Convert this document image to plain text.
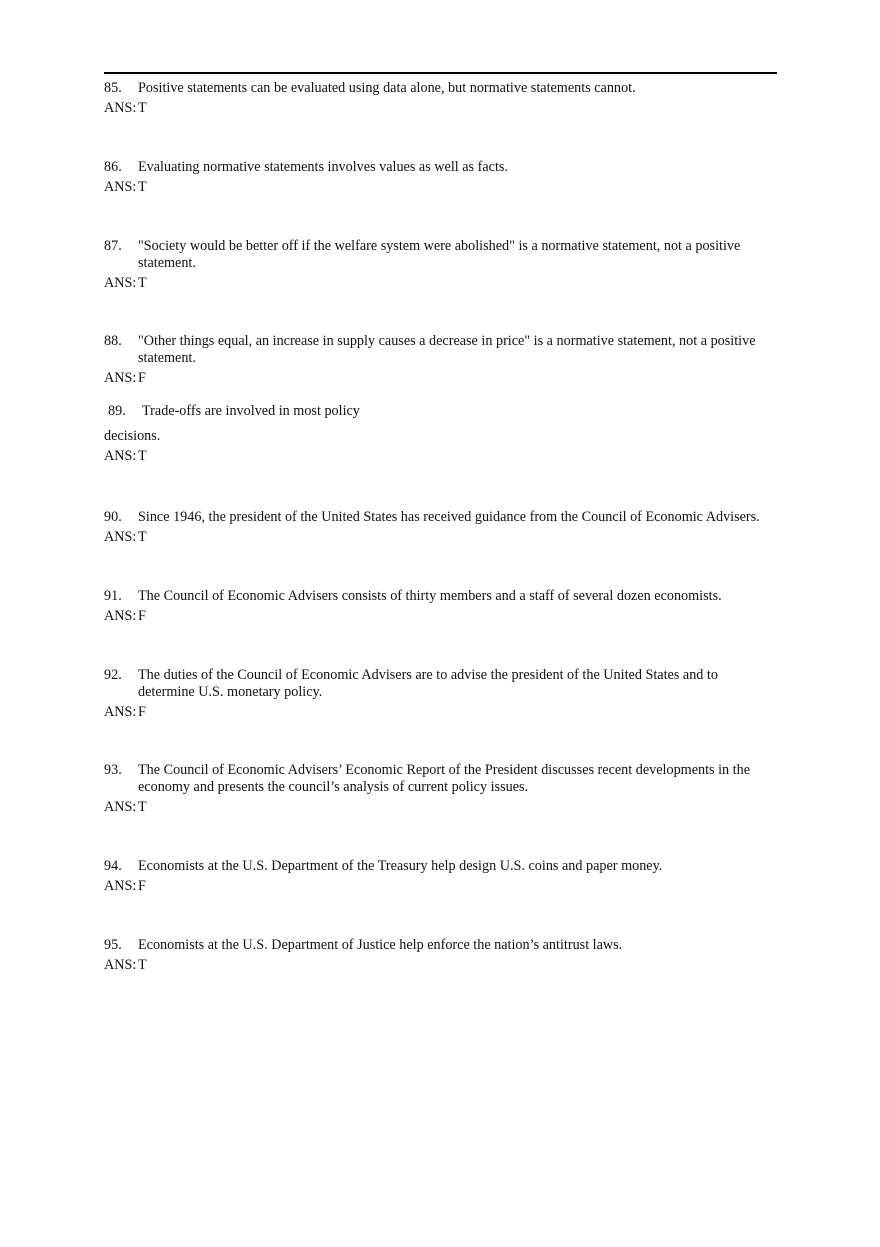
85.	Positive statements can be evaluated using data alone, but normative statements cannot.
ANS: T
86.	Evaluating normative statements involves values as well as facts.
ANS: T
87.	"Society would be better off if the welfare system were abolished" is a normative statement, not a positive statement.
ANS: T
88.	"Other things equal, an increase in supply causes a decrease in price" is a normative statement, not a positive statement.
ANS: F
89. Trade-offs are involved in most policy
decisions.
ANS: T
90.	Since 1946, the president of the United States has received guidance from the Council of Economic Advisers.
ANS: T
91.	The Council of Economic Advisers consists of thirty members and a staff of several dozen economists.
ANS: F
92.	The duties of the Council of Economic Advisers are to advise the president of the United States and to determine U.S. monetary policy.
ANS: F
93.	The Council of Economic Advisers’ Economic Report of the President discusses recent developments in the economy and presents the council’s analysis of current policy issues.
ANS: T
94.	Economists at the U.S. Department of the Treasury help design U.S. coins and paper money.
ANS: F
95.	Economists at the U.S. Department of Justice help enforce the nation’s antitrust laws.
ANS: T
